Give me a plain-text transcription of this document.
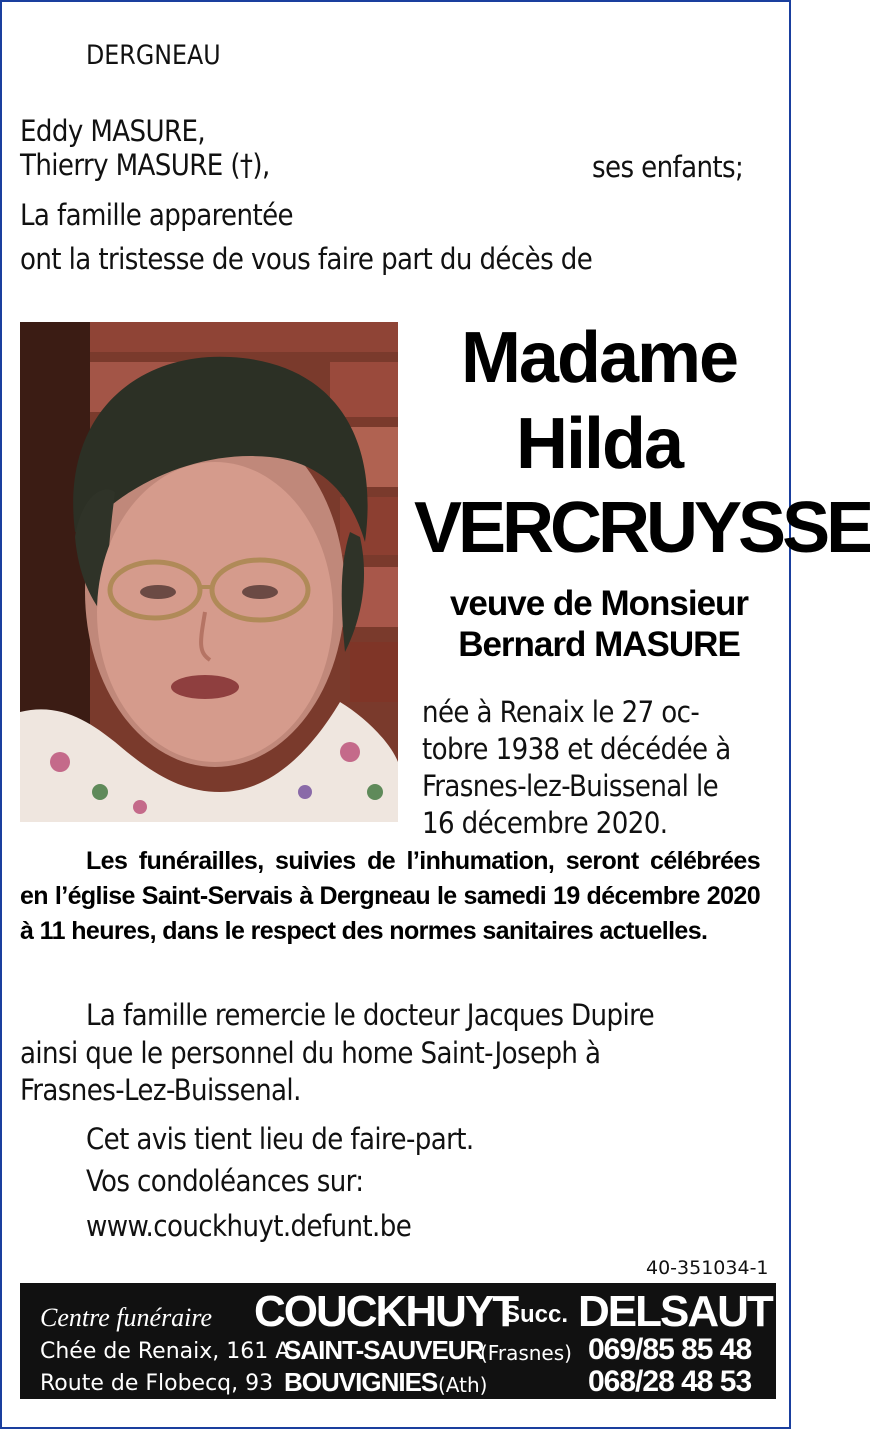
DERGNEAU
Eddy MASURE,
Thierry MASURE (†),	ses enfants;
La famille apparentée
ont la tristesse de vous faire part du décès de
Madame
Hilda
VERCRUYSSE
veuve de Monsieur
Bernard MASURE
née à Renaix le 27 oc-
tobre 1938 et décédée à
Frasnes-lez-Buissenal le
16 décembre 2020.
Les funérailles, suivies de l’inhumation, seront célébrées en l’église Saint-Servais à Dergneau le samedi 19 décembre 2020 à 11 heures, dans le respect des normes sanitaires actuelles.
La famille remercie le docteur Jacques Dupire
ainsi que le personnel du home Saint-Joseph à
Frasnes-Lez-Buissenal.
Cet avis tient lieu de faire-part.
Vos condoléances sur:
www.couckhuyt.defunt.be
40-351034-1
Centre funéraire COUCKHUYT
Succ. DELSAUT
Chée de Renaix, 161 A
SAINT-SAUVEUR
(Frasnes) 069/85 85 48
Route de Flobecq, 93 BOUVIGNIES (Ath)	068/28 48 53
